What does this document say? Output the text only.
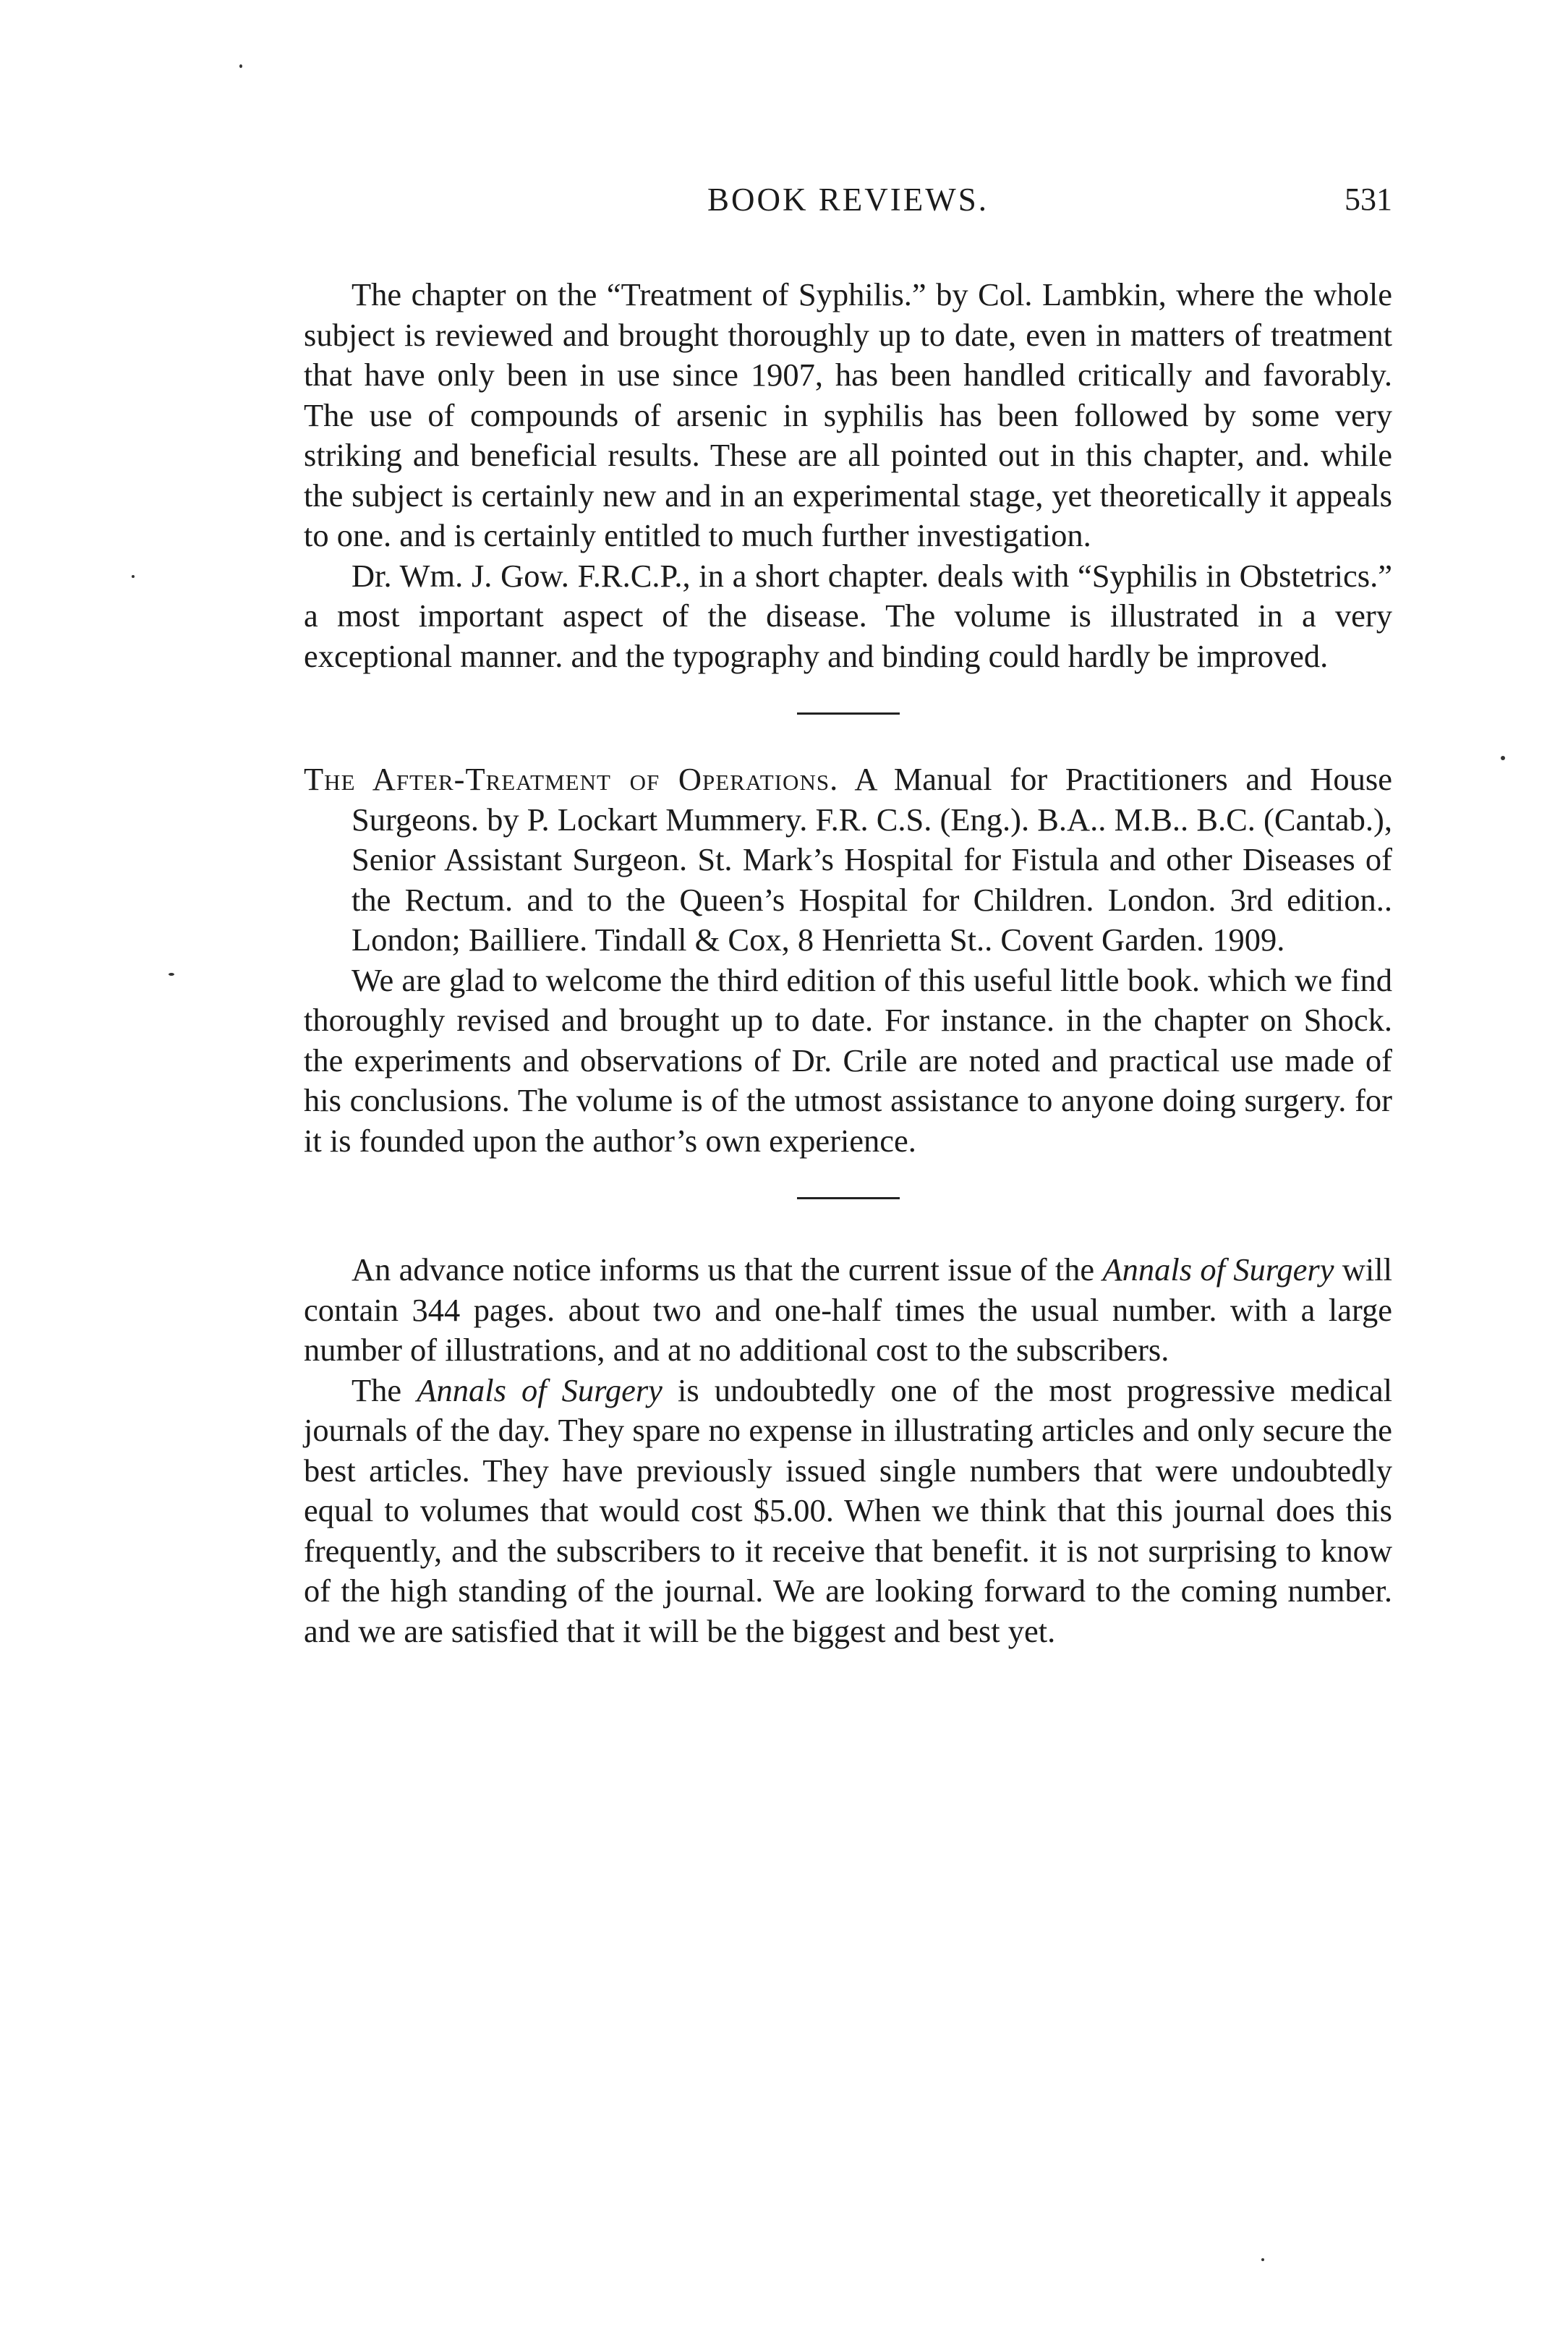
BOOK REVIEWS.	531

The chapter on the “Treatment of Syphilis.” by Col. Lambkin, where the whole subject is reviewed and brought thoroughly up to date, even in matters of treatment that have only been in use since 1907, has been handled critically and favorably. The use of compounds of arsenic in syphilis has been followed by some very striking and beneficial results. These are all pointed out in this chapter, and. while the subject is certainly new and in an experimental stage, yet theoretically it appeals to one. and is certainly entitled to much further investigation.

Dr. Wm. J. Gow. F.R.C.P., in a short chapter. deals with “Syphilis in Obstetrics.” a most important aspect of the disease. The volume is illustrated in a very exceptional manner. and the typography and binding could hardly be improved.

The After-Treatment of Operations. A Manual for Practitioners and House Surgeons. by P. Lockart Mummery. F.R. C.S. (Eng.). B.A.. M.B.. B.C. (Cantab.), Senior Assistant Surgeon. St. Mark’s Hospital for Fistula and other Diseases of the Rectum. and to the Queen’s Hospital for Children. London. 3rd edition.. London; Bailliere. Tindall & Cox, 8 Henrietta St.. Covent Garden. 1909.

We are glad to welcome the third edition of this useful little book. which we find thoroughly revised and brought up to date. For instance. in the chapter on Shock. the experiments and observations of Dr. Crile are noted and practical use made of his conclusions. The volume is of the utmost assistance to anyone doing surgery. for it is founded upon the author’s own experience.

An advance notice informs us that the current issue of the Annals of Surgery will contain 344 pages. about two and one-half times the usual number. with a large number of illustrations, and at no additional cost to the subscribers.

The Annals of Surgery is undoubtedly one of the most progressive medical journals of the day. They spare no expense in illustrating articles and only secure the best articles. They have previously issued single numbers that were undoubtedly equal to volumes that would cost $5.00. When we think that this journal does this frequently, and the subscribers to it receive that benefit. it is not surprising to know of the high standing of the journal. We are looking forward to the coming number. and we are satisfied that it will be the biggest and best yet.
